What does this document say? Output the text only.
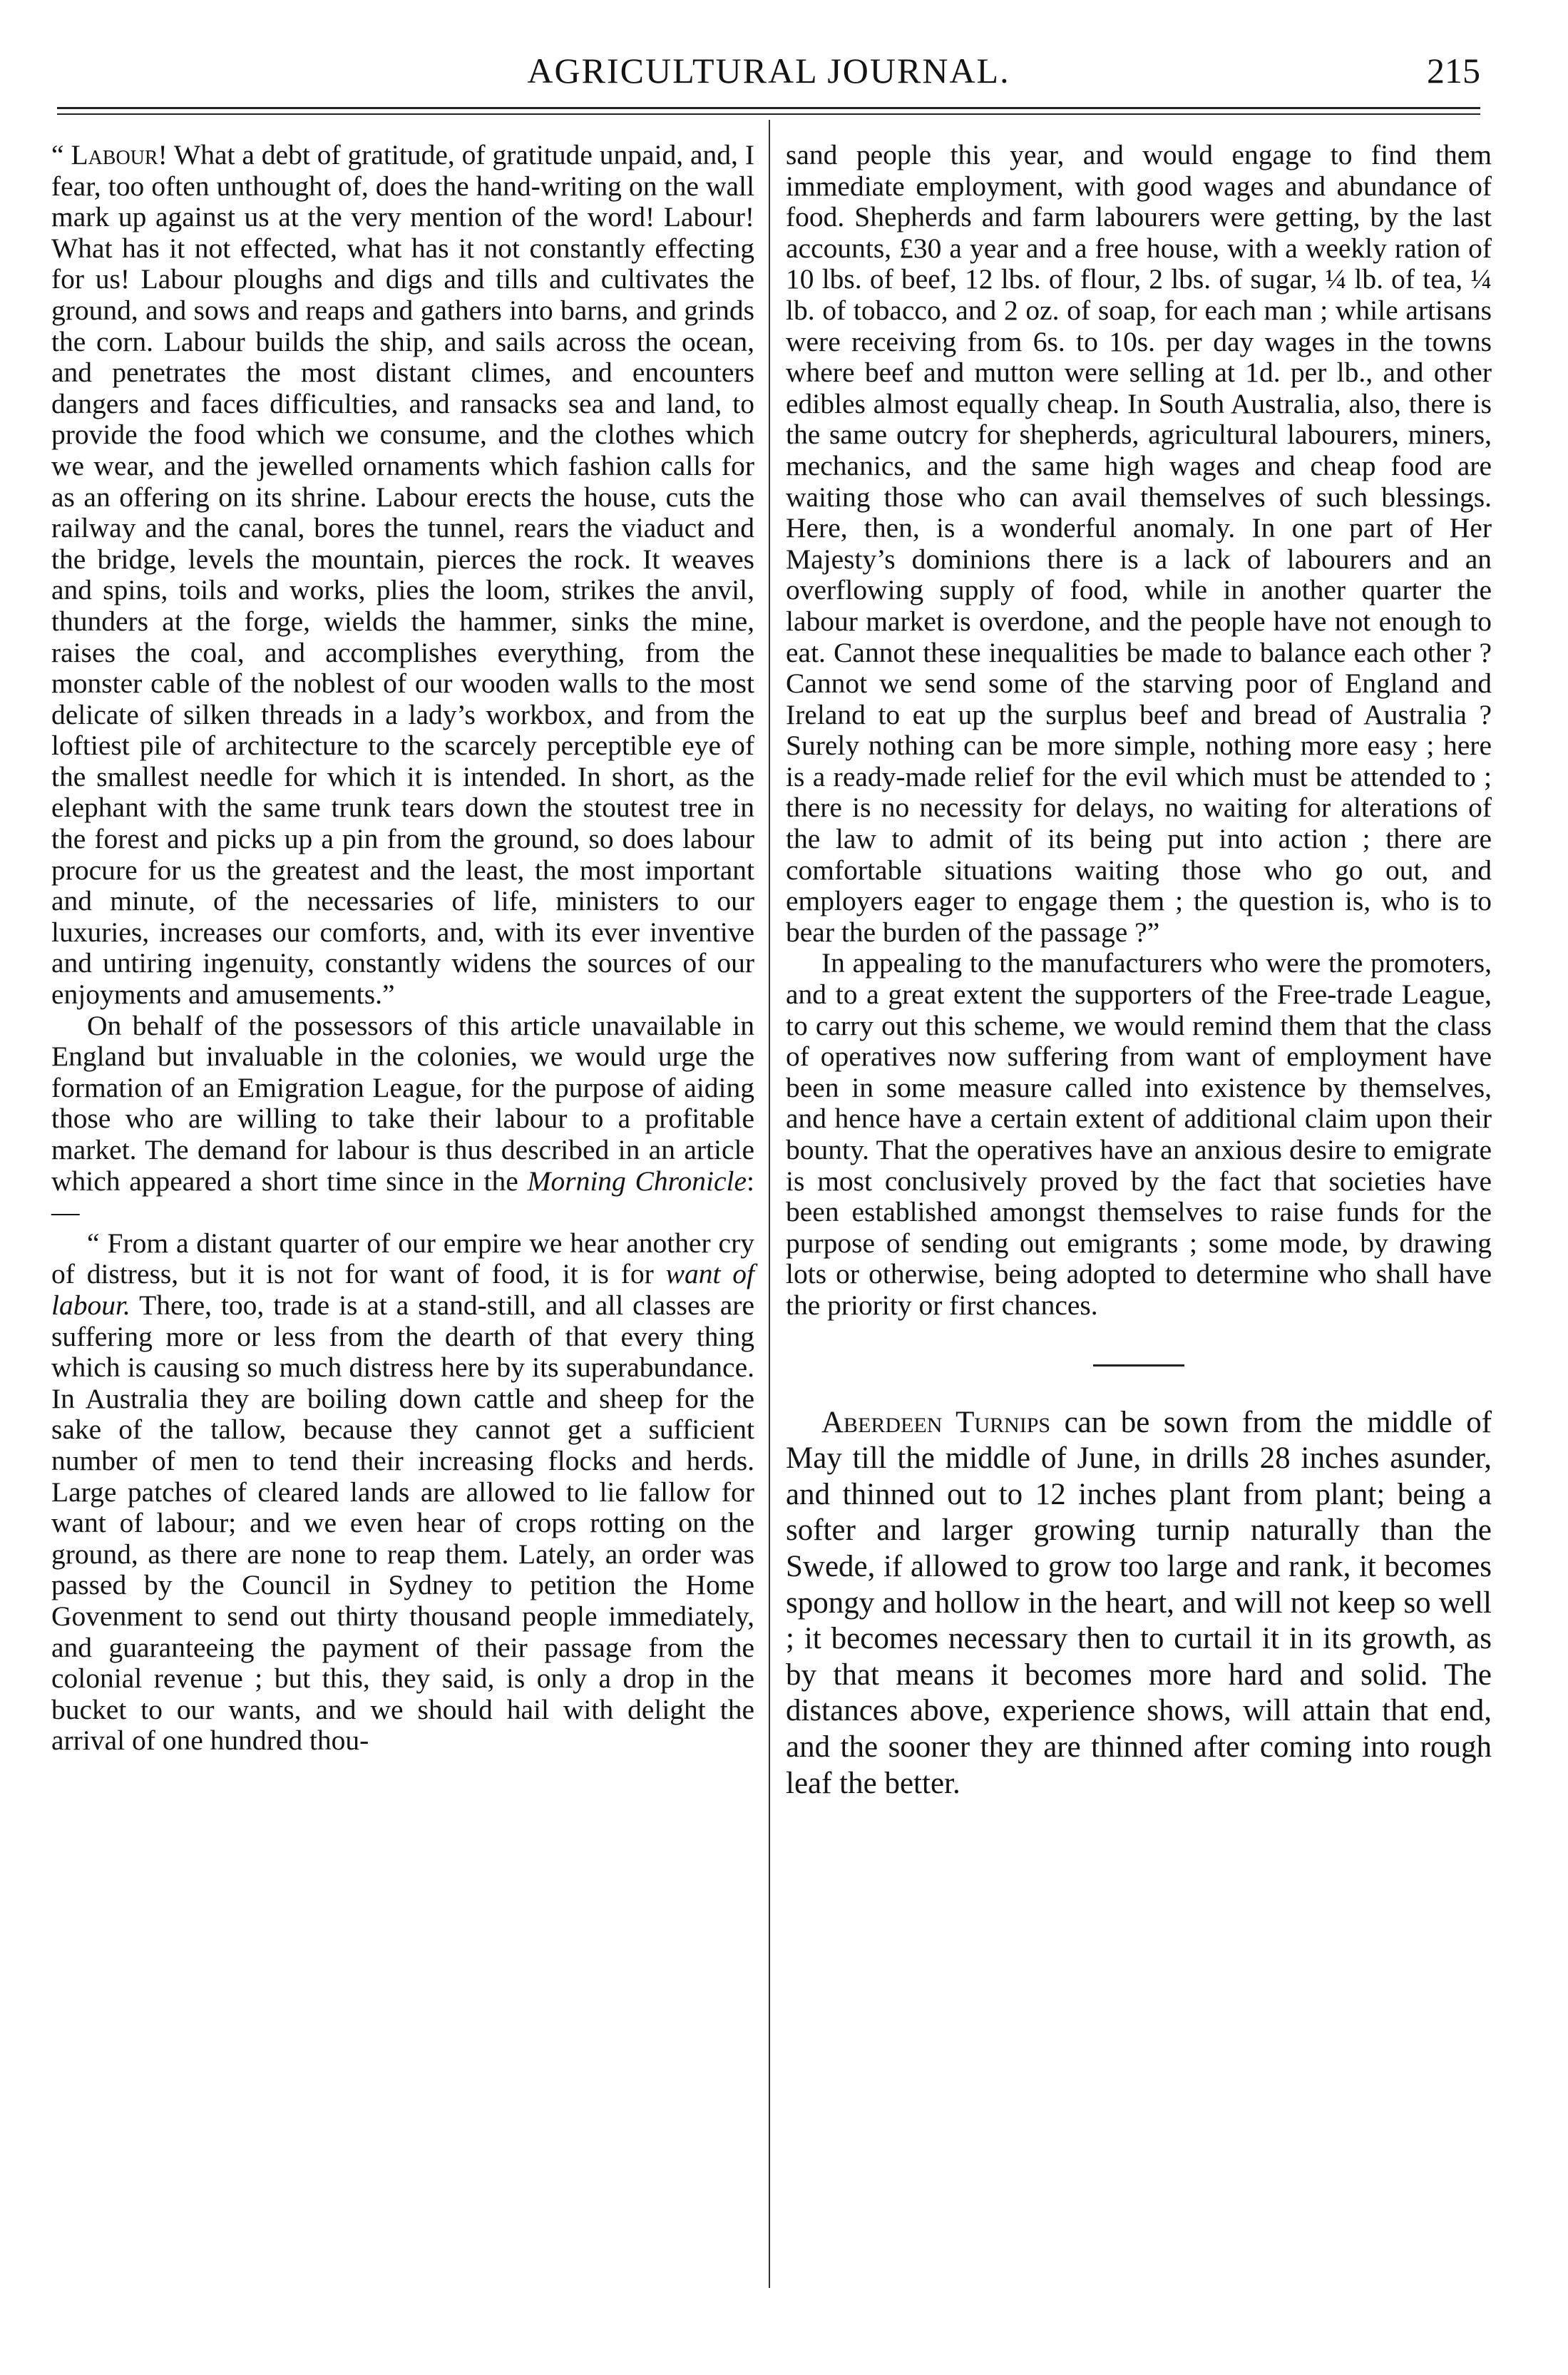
AGRICULTURAL JOURNAL.	215

“ Labour! What a debt of gratitude, of gratitude unpaid, and, I fear, too often unthought of, does the hand-writing on the wall mark up against us at the very mention of the word! Labour! What has it not effected, what has it not constantly effecting for us! Labour ploughs and digs and tills and cultivates the ground, and sows and reaps and gathers into barns, and grinds the corn. Labour builds the ship, and sails across the ocean, and penetrates the most distant climes, and encounters dangers and faces difficulties, and ransacks sea and land, to provide the food which we consume, and the clothes which we wear, and the jewelled ornaments which fashion calls for as an offering on its shrine. Labour erects the house, cuts the railway and the canal, bores the tunnel, rears the viaduct and the bridge, levels the mountain, pierces the rock. It weaves and spins, toils and works, plies the loom, strikes the anvil, thunders at the forge, wields the hammer, sinks the mine, raises the coal, and accomplishes everything, from the monster cable of the noblest of our wooden walls to the most delicate of silken threads in a lady’s workbox, and from the loftiest pile of architecture to the scarcely perceptible eye of the smallest needle for which it is intended. In short, as the elephant with the same trunk tears down the stoutest tree in the forest and picks up a pin from the ground, so does labour procure for us the greatest and the least, the most important and minute, of the necessaries of life, ministers to our luxuries, increases our comforts, and, with its ever inventive and untiring ingenuity, constantly widens the sources of our enjoyments and amusements.”

On behalf of the possessors of this article unavailable in England but invaluable in the colonies, we would urge the formation of an Emigration League, for the purpose of aiding those who are willing to take their labour to a profitable market. The demand for labour is thus described in an article which appeared a short time since in the Morning Chronicle:—

“ From a distant quarter of our empire we hear another cry of distress, but it is not for want of food, it is for want of labour. There, too, trade is at a stand-still, and all classes are suffering more or less from the dearth of that every thing which is causing so much distress here by its superabundance. In Australia they are boiling down cattle and sheep for the sake of the tallow, because they cannot get a sufficient number of men to tend their increasing flocks and herds. Large patches of cleared lands are allowed to lie fallow for want of labour; and we even hear of crops rotting on the ground, as there are none to reap them. Lately, an order was passed by the Council in Sydney to petition the Home Govenment to send out thirty thousand people immediately, and guaranteeing the payment of their passage from the colonial revenue ; but this, they said, is only a drop in the bucket to our wants, and we should hail with delight the arrival of one hundred thou-

sand people this year, and would engage to find them immediate employment, with good wages and abundance of food. Shepherds and farm labourers were getting, by the last accounts, £30 a year and a free house, with a weekly ration of 10 lbs. of beef, 12 lbs. of flour, 2 lbs. of sugar, ¼ lb. of tea, ¼ lb. of tobacco, and 2 oz. of soap, for each man ; while artisans were receiving from 6s. to 10s. per day wages in the towns where beef and mutton were selling at 1d. per lb., and other edibles almost equally cheap. In South Australia, also, there is the same outcry for shepherds, agricultural labourers, miners, mechanics, and the same high wages and cheap food are waiting those who can avail themselves of such blessings. Here, then, is a wonderful anomaly. In one part of Her Majesty’s dominions there is a lack of labourers and an overflowing supply of food, while in another quarter the labour market is overdone, and the people have not enough to eat. Cannot these inequalities be made to balance each other ? Cannot we send some of the starving poor of England and Ireland to eat up the surplus beef and bread of Australia ? Surely nothing can be more simple, nothing more easy ; here is a ready-made relief for the evil which must be attended to ; there is no necessity for delays, no waiting for alterations of the law to admit of its being put into action ; there are comfortable situations waiting those who go out, and employers eager to engage them ; the question is, who is to bear the burden of the passage ?”

In appealing to the manufacturers who were the promoters, and to a great extent the supporters of the Free-trade League, to carry out this scheme, we would remind them that the class of operatives now suffering from want of employment have been in some measure called into existence by themselves, and hence have a certain extent of additional claim upon their bounty. That the operatives have an anxious desire to emigrate is most conclusively proved by the fact that societies have been established amongst themselves to raise funds for the purpose of sending out emigrants ; some mode, by drawing lots or otherwise, being adopted to determine who shall have the priority or first chances.

Aberdeen Turnips can be sown from the middle of May till the middle of June, in drills 28 inches asunder, and thinned out to 12 inches plant from plant; being a softer and larger growing turnip naturally than the Swede, if allowed to grow too large and rank, it becomes spongy and hollow in the heart, and will not keep so well ; it becomes necessary then to curtail it in its growth, as by that means it becomes more hard and solid. The distances above, experience shows, will attain that end, and the sooner they are thinned after coming into rough leaf the better.
